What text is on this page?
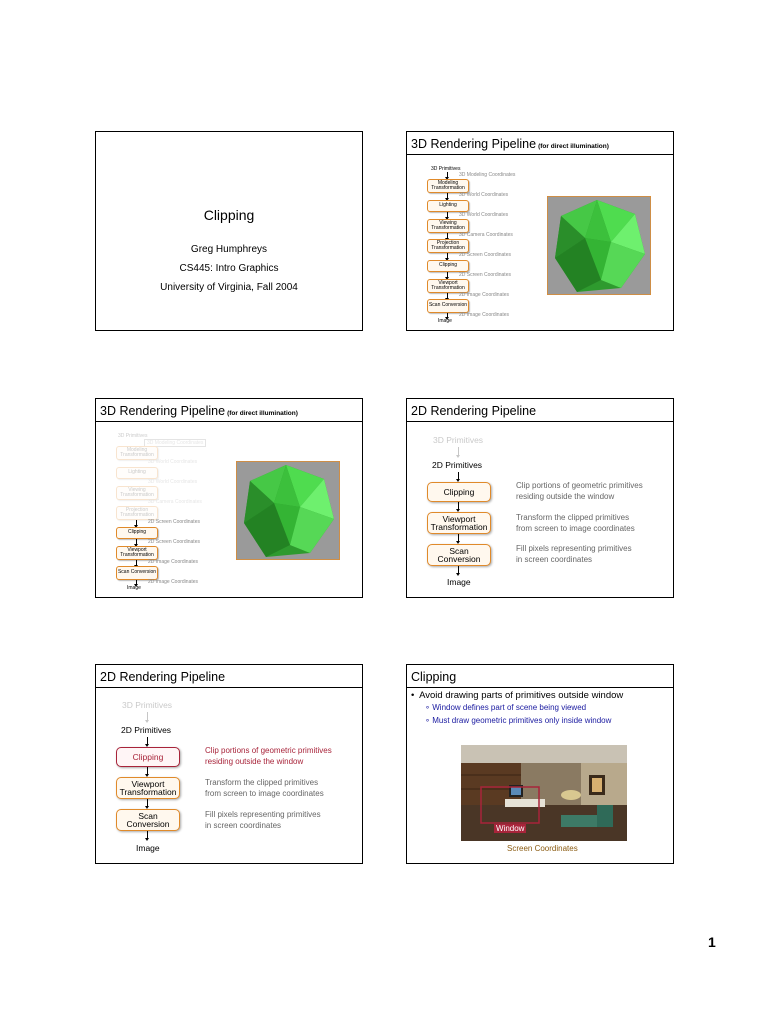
Clipping
Greg Humphreys
CS445: Intro Graphics
University of Virginia, Fall 2004
3D Rendering Pipeline (for direct illumination)
3D Primitives
3D Modeling Coordinates
Modeling Transformation
3D World Coordinates
Lighting
3D World Coordinates
Viewing Transformation
3D Camera Coordinates
Projection Transformation
2D Screen Coordinates
Clipping
2D Screen Coordinates
Viewport Transformation
2D Image Coordinates
Scan Conversion
2D Image Coordinates
Image
3D Rendering Pipeline (for direct illumination)
3D Primitives
3D Modeling Coordinates
Modeling Transformation
3D World Coordinates
Lighting
3D World Coordinates
Viewing Transformation
3D Camera Coordinates
Projection Transformation
2D Screen Coordinates
Clipping
2D Screen Coordinates
Viewport Transformation
2D Image Coordinates
Scan Conversion
2D Image Coordinates
Image
2D Rendering Pipeline
3D Primitives
2D Primitives
Clipping
Clip portions of geometric primitives
residing outside the window
Viewport Transformation
Transform the clipped primitives
from screen to image coordinates
Scan Conversion
Fill pixels representing primitives
in screen coordinates
Image
2D Rendering Pipeline
3D Primitives
2D Primitives
Clipping
Clip portions of geometric primitives
residing outside the window
Viewport Transformation
Transform the clipped primitives
from screen to image coordinates
Scan Conversion
Fill pixels representing primitives
in screen coordinates
Image
Clipping
•  Avoid drawing parts of primitives outside window
∘ Window defines part of scene being viewed
∘ Must draw geometric primitives only inside window
Window
Screen Coordinates
1
